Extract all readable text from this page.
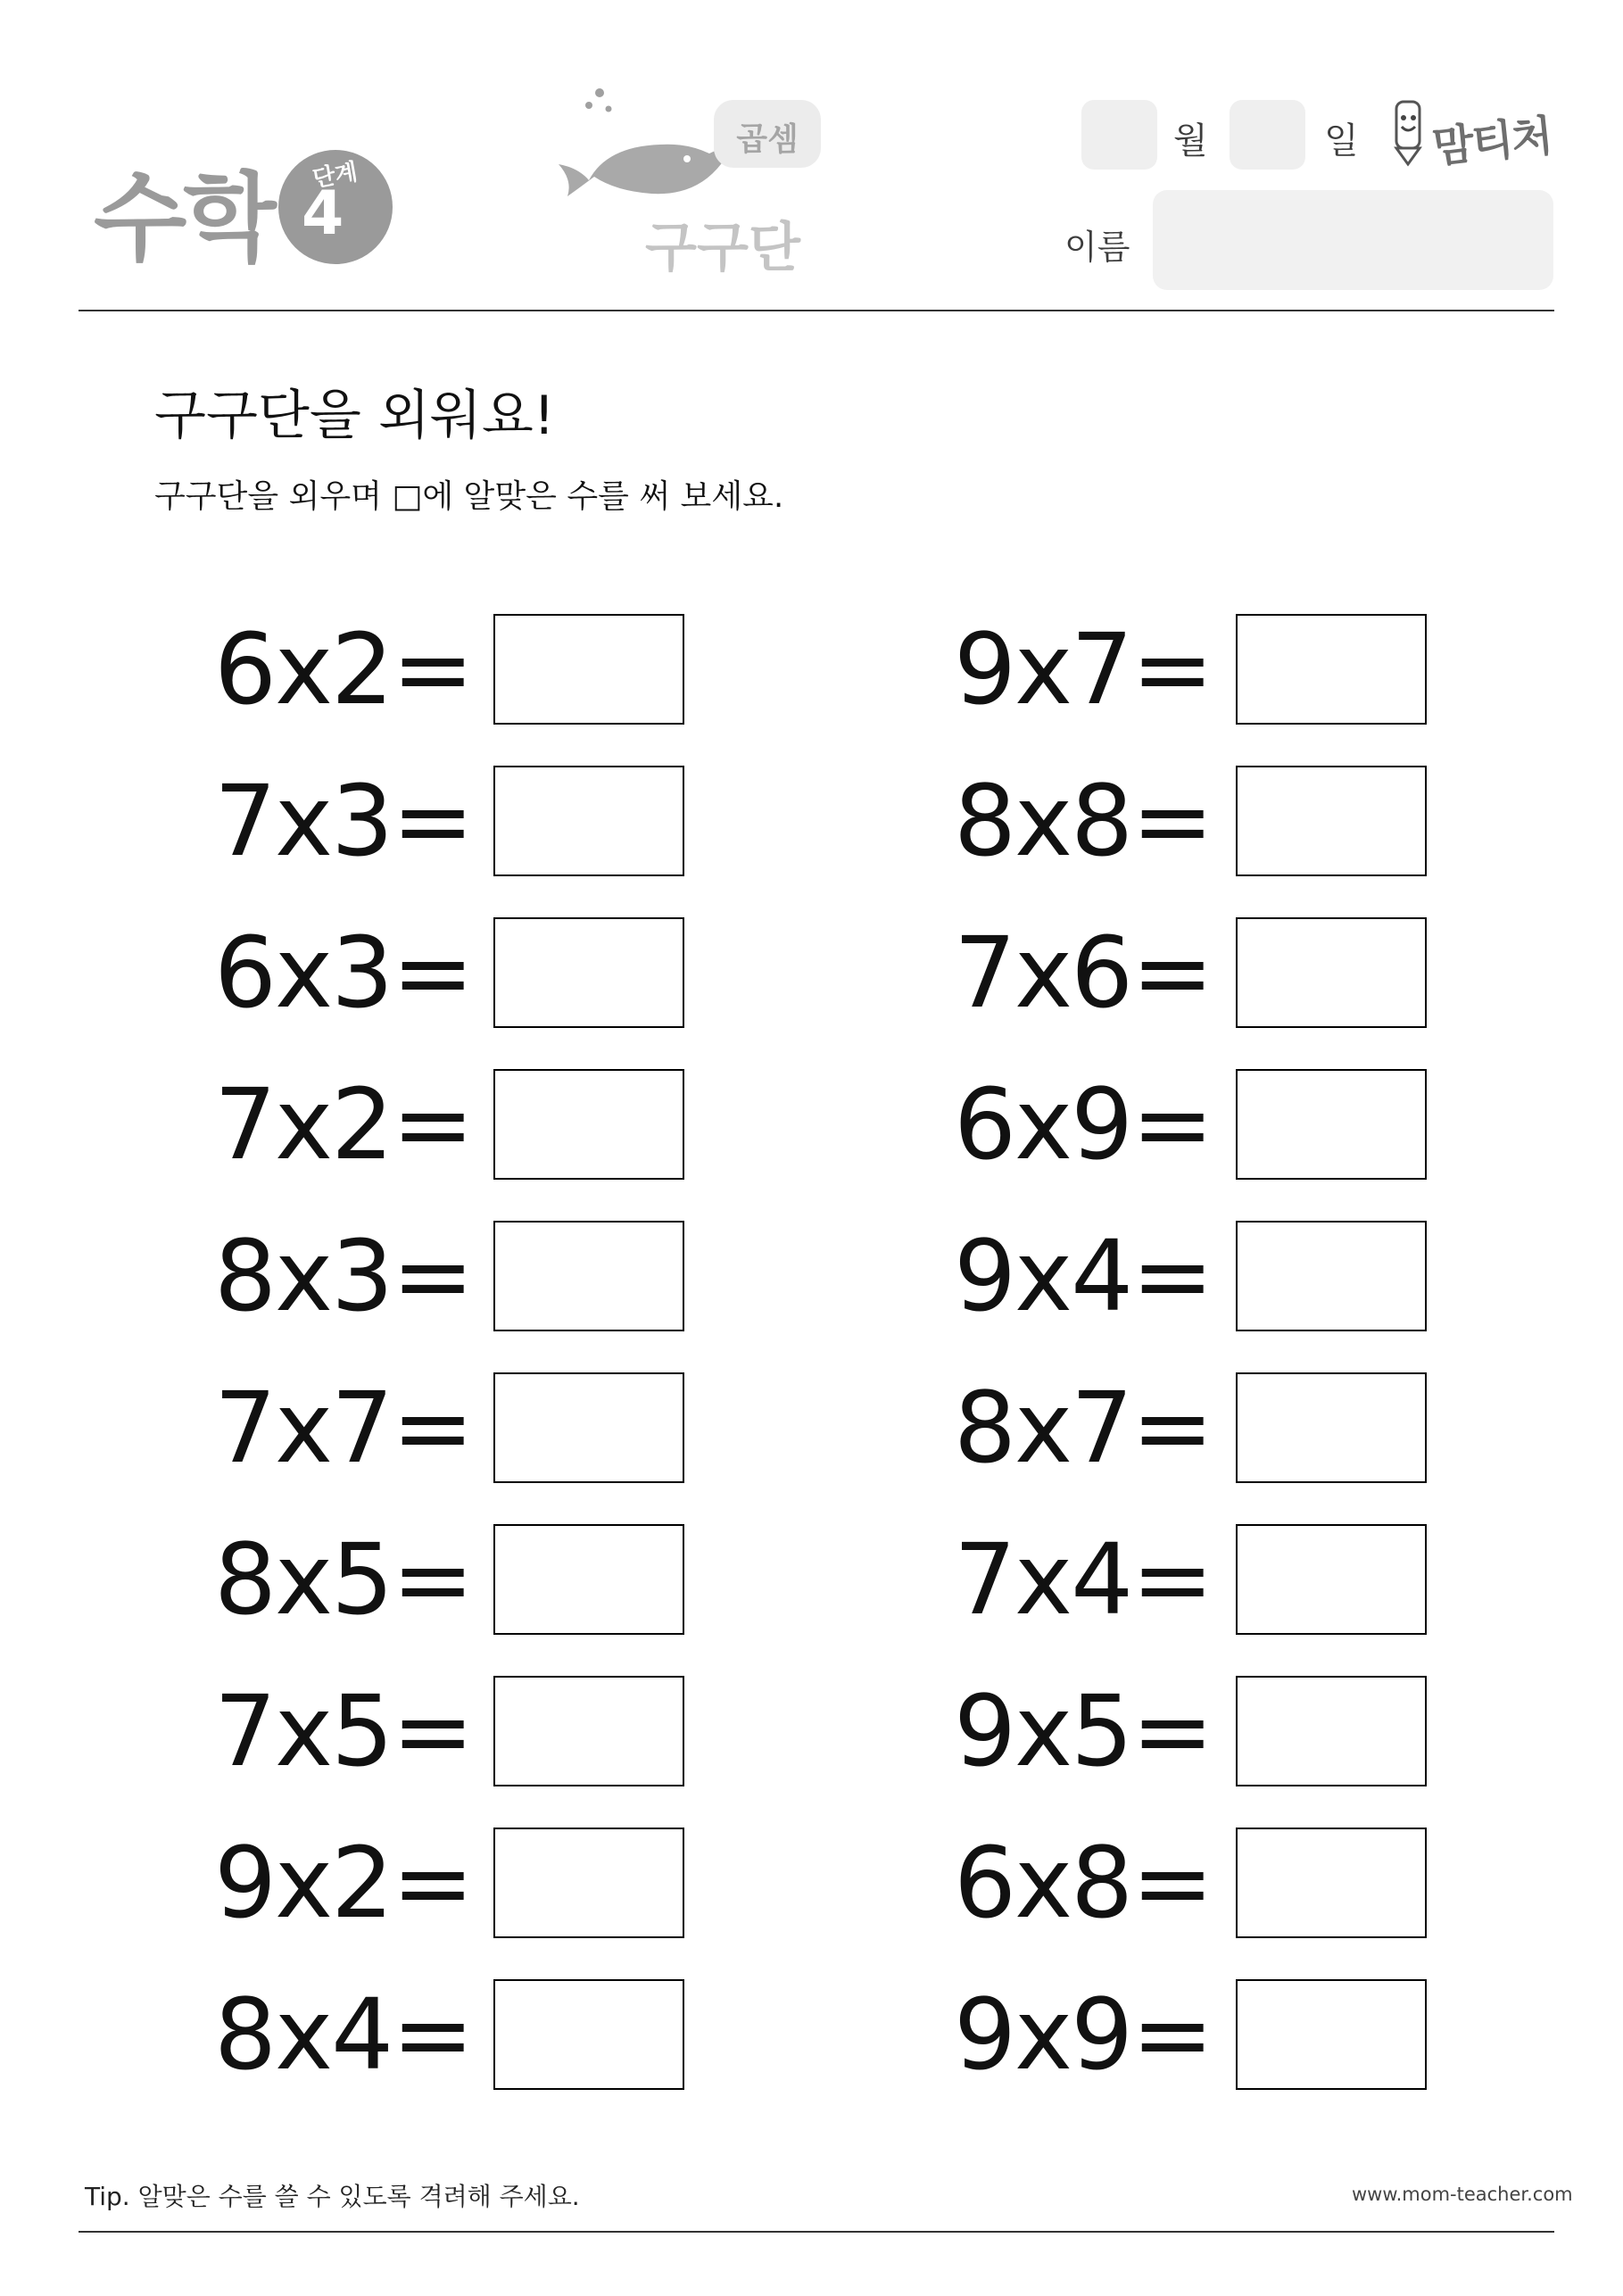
수학 단계
4
곱셈
구구단
월	일 맘티처
이름
구구단을 외워요!
구구단을 외우며 □에 알맞은 수를 써 보세요.
6x2=
7x3=
6x3=
7x2=
8x3=
7x7=
8x5=
7x5=
9x2=
8x4=
9x7=
8x8=
7x6=
6x9=
9x4=
8x7=
7x4=
9x5=
6x8=
9x9=
Tip. 알맞은 수를 쓸 수 있도록 격려해 주세요.	www.mom-teacher.com
